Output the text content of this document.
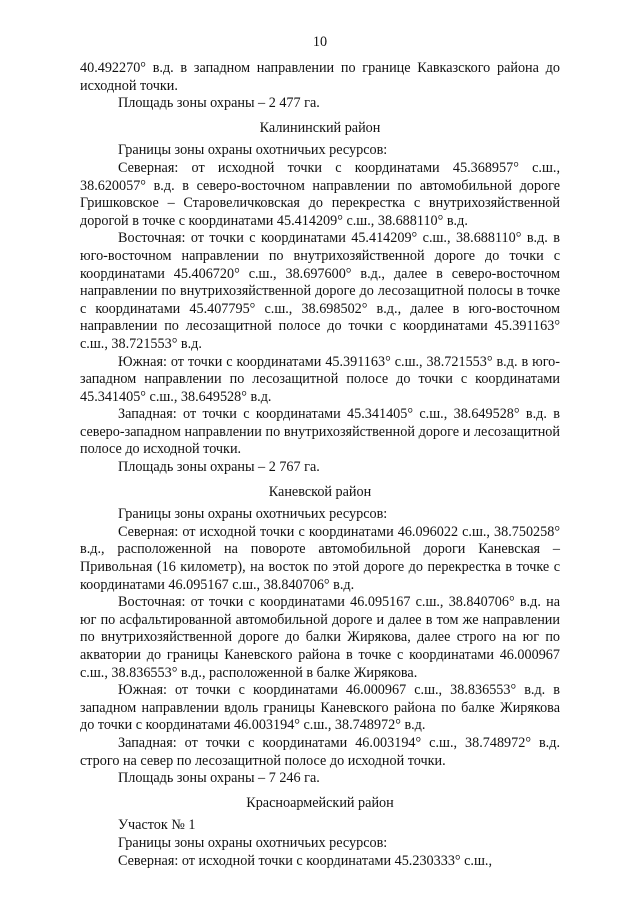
10

40.492270° в.д. в западном направлении по границе Кавказского района до исходной точки.

Площадь зоны охраны – 2 477 га.

Калининский район

Границы зоны охраны охотничьих ресурсов:

Северная: от исходной точки с координатами 45.368957° с.ш., 38.620057° в.д. в северо-восточном направлении по автомобильной дороге Гришковское – Старовеличковская до перекрестка с внутрихозяйственной дорогой в точке с координатами 45.414209° с.ш., 38.688110° в.д.

Восточная: от точки с координатами 45.414209° с.ш., 38.688110° в.д. в юго-восточном направлении по внутрихозяйственной дороге до точки с координатами 45.406720° с.ш., 38.697600° в.д., далее в северо-восточном направлении по внутрихозяйственной дороге до лесозащитной полосы в точке с координатами 45.407795° с.ш., 38.698502° в.д., далее в юго-восточном направлении по лесозащитной полосе до точки с координатами 45.391163° с.ш., 38.721553° в.д.

Южная: от точки с координатами 45.391163° с.ш., 38.721553° в.д. в юго-западном направлении по лесозащитной полосе до точки с координатами 45.341405° с.ш., 38.649528° в.д.

Западная: от точки с координатами 45.341405° с.ш., 38.649528° в.д. в северо-западном направлении по внутрихозяйственной дороге и лесозащитной полосе до исходной точки.

Площадь зоны охраны – 2 767 га.

Каневской район

Границы зоны охраны охотничьих ресурсов:

Северная: от исходной точки с координатами 46.096022 с.ш., 38.750258° в.д., расположенной на повороте автомобильной дороги Каневская – Привольная (16 километр), на восток по этой дороге до перекрестка в точке с координатами 46.095167 с.ш., 38.840706° в.д.

Восточная: от точки с координатами 46.095167 с.ш., 38.840706° в.д. на юг по асфальтированной автомобильной дороге и далее в том же направлении по внутрихозяйственной дороге до балки Жирякова, далее строго на юг по акватории до границы Каневского района в точке с координатами 46.000967 с.ш., 38.836553° в.д., расположенной в балке Жирякова.

Южная: от точки с координатами 46.000967 с.ш., 38.836553° в.д. в западном направлении вдоль границы Каневского района по балке Жирякова до точки с координатами 46.003194° с.ш., 38.748972° в.д.

Западная: от точки с координатами 46.003194° с.ш., 38.748972° в.д. строго на север по лесозащитной полосе до исходной точки.

Площадь зоны охраны – 7 246 га.

Красноармейский район

Участок № 1

Границы зоны охраны охотничьих ресурсов:

Северная: от исходной точки с координатами 45.230333° с.ш.,
